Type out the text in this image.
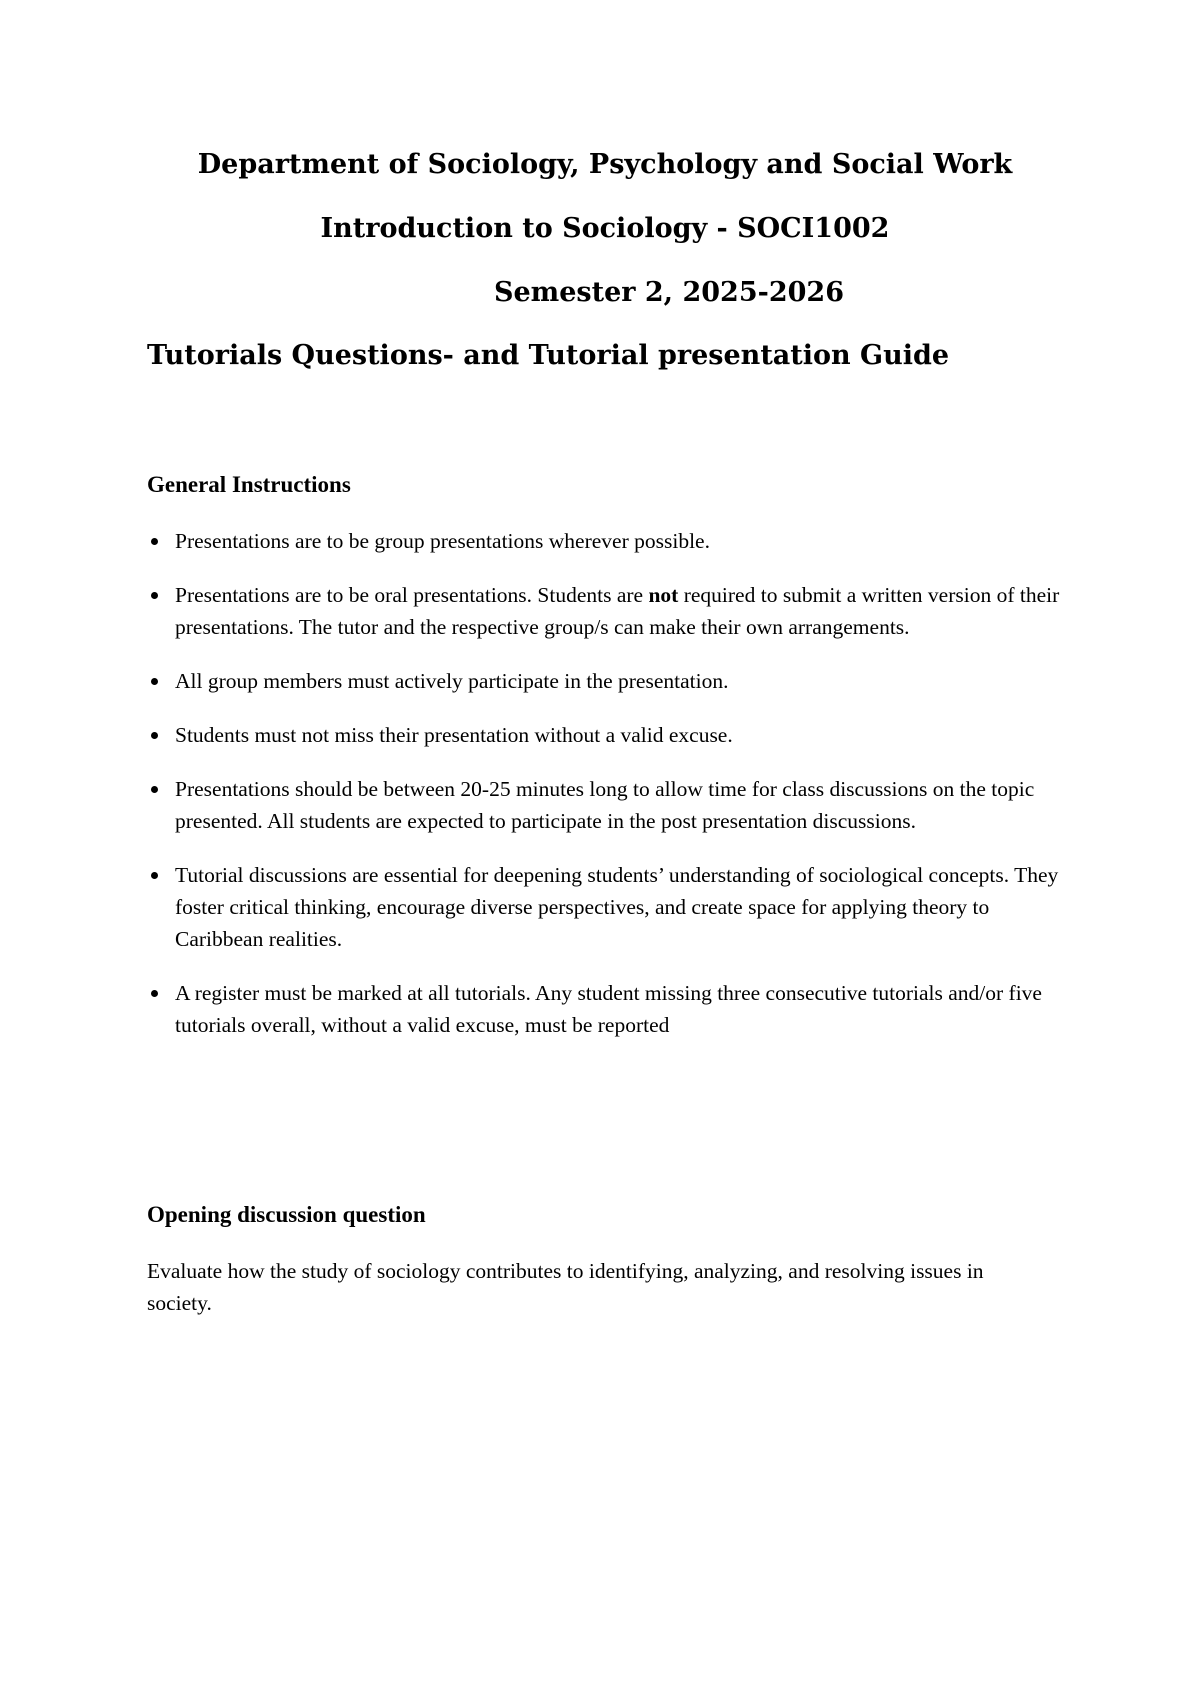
Department of Sociology, Psychology and Social Work
Introduction to Sociology - SOCI1002
Semester 2, 2025-2026
Tutorials Questions- and Tutorial presentation Guide
General Instructions
Presentations are to be group presentations wherever possible.
Presentations are to be oral presentations. Students are not required to submit a written version of their presentations. The tutor and the respective group/s can make their own arrangements.
All group members must actively participate in the presentation.
Students must not miss their presentation without a valid excuse.
Presentations should be between 20-25 minutes long to allow time for class discussions on the topic presented. All students are expected to participate in the post presentation discussions.
Tutorial discussions are essential for deepening students’ understanding of sociological concepts. They foster critical thinking, encourage diverse perspectives, and create space for applying theory to Caribbean realities.
A register must be marked at all tutorials. Any student missing three consecutive tutorials and/or five tutorials overall, without a valid excuse, must be reported
Opening discussion question

Evaluate how the study of sociology contributes to identifying, analyzing, and resolving issues in society.
